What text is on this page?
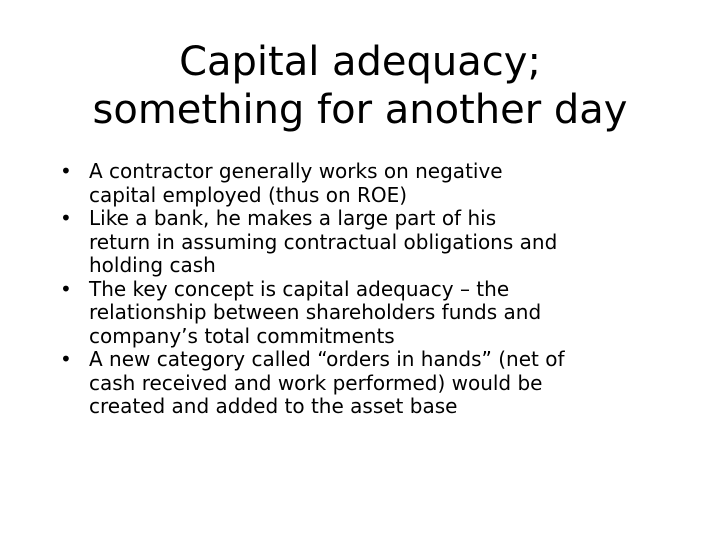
Capital adequacy;
something for another day
• A contractor generally works on negative
capital employed (thus on ROE)
• Like a bank, he makes a large part of his
return in assuming contractual obligations and
holding cash
• The key concept is capital adequacy – the
relationship between shareholders funds and
company’s total commitments
• A new category called “orders in hands” (net of
cash received and work performed) would be
created and added to the asset base
